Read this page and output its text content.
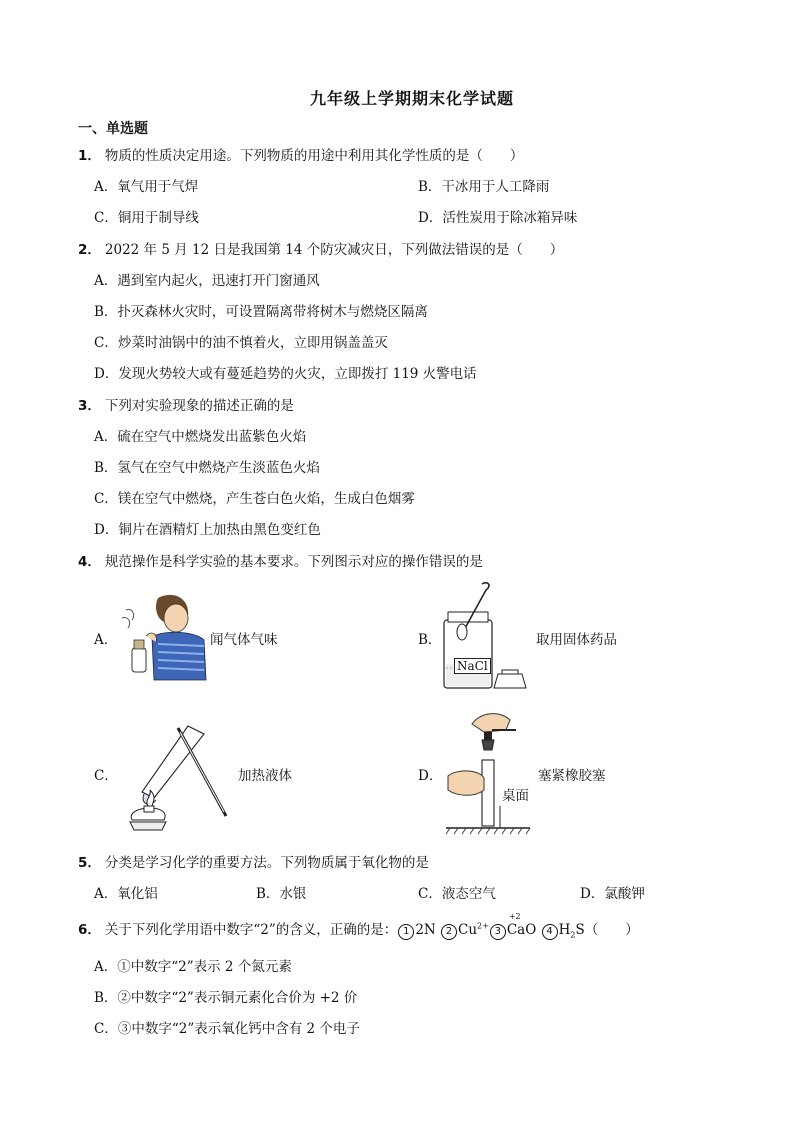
九年级上学期期末化学试题
一、单选题
1． 物质的性质决定用途。下列物质的用途中利用其化学性质的是（　　）
A．氧气用于气焊	B．干冰用于人工降雨
C．铜用于制导线	D．活性炭用于除冰箱异味
2． 2022 年 5 月 12 日是我国第 14 个防灾减灾日，下列做法错误的是（　　）
A．遇到室内起火，迅速打开门窗通风
B．扑灭森林火灾时，可设置隔离带将树木与燃烧区隔离
C．炒菜时油锅中的油不慎着火，立即用锅盖盖灭
D．发现火势较大或有蔓延趋势的火灾，立即拨打 119 火警电话
3． 下列对实验现象的描述正确的是
A．硫在空气中燃烧发出蓝紫色火焰
B．氢气在空气中燃烧产生淡蓝色火焰
C．镁在空气中燃烧，产生苍白色火焰，生成白色烟雾
D．铜片在酒精灯上加热由黑色变红色
4． 规范操作是科学实验的基本要求。下列图示对应的操作错误的是
A．	闻气体气味	B．
NaCl
取用固体药品
C．	加热液体	D．
桌面
塞紧橡胶塞
5． 分类是学习化学的重要方法。下列物质属于氧化物的是
A．氧化铝	B．水银	C．液态空气	D．氯酸钾
6． 关于下列化学用语中数字“2”的含义，正确的是： 1 2N 2 $Cu^{2+}$ 3
+2
CaO 4 $H_2S$（　　）
A．①中数字“2”表示 2 个氮元素
B．②中数字“2”表示铜元素化合价为 +2 价
C．③中数字“2”表示氧化钙中含有 2 个电子
